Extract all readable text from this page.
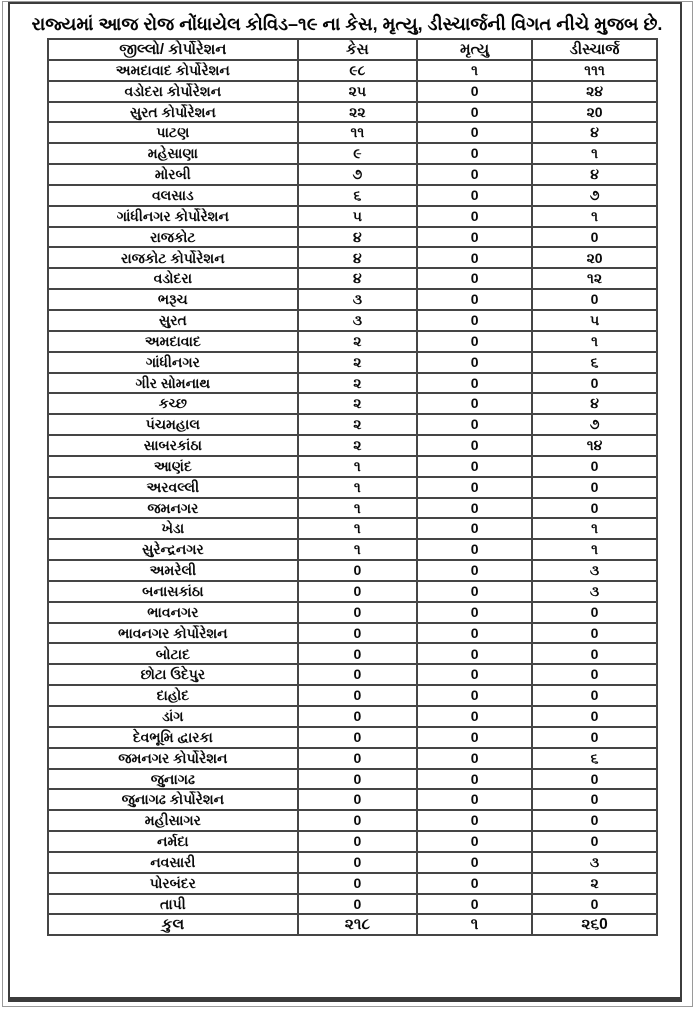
રાજ્યમાં આજ રોજ નોંધાયેલ કોવિડ–૧૯ ના કેસ, મૃત્યુ, ડીસ્ચાર્જની વિગત નીચે મુજબ છે.
જીલ્લો/ કોર્પોરેશન	કેસ	મૃત્યુ	ડીસ્ચાર્જ
અમદાવાદ કોર્પોરેશન	૯૮	૧	૧૧૧
વડોદરા કોર્પોરેશન	૨૫	0	૨૪
સુરત કોર્પોરેશન	૨૨	0	૨0
પાટણ	૧૧	0	૪
મહેસાણા	૯	0	૧
મોરબી	૭	0	૪
વલસાડ	૬	0	૭
ગાંધીનગર કોર્પોરેશન	૫	0	૧
રાજકોટ	૪	0	0
રાજકોટ કોર્પોરેશન	૪	0	૨0
વડોદરા	૪	0	૧૨
ભરૂચ	૩	0	0
સુરત	૩	0	૫
અમદાવાદ	૨	0	૧
ગાંધીનગર	૨	0	૬
ગીર સોમનાથ	૨	0	0
કચ્છ	૨	0	૪
પંચમહાલ	૨	0	૭
સાબરકાંઠા	૨	0	૧૪
આણંદ	૧	0	0
અરવલ્લી	૧	0	0
જમનગર	૧	0	0
ખેડા	૧	0	૧
સુરેન્દ્રનગર	૧	0	૧
અમરેલી	0	0	૩
બનાસકાંઠા	0	0	૩
ભાવનગર	0	0	0
ભાવનગર કોર્પોરેશન	0	0	0
બોટાદ	0	0	0
છોટા ઉદેપુર	0	0	0
દાહોદ	0	0	0
ડાંગ	0	0	0
દેવભૂમિ દ્વારકા	0	0	0
જમનગર કોર્પોરેશન	0	0	૬
જુનાગઢ	0	0	0
જુનાગઢ કોર્પોરેશન	0	0	0
મહીસાગર	0	0	0
નર્મદા	0	0	0
નવસારી	0	0	૩
પોરબંદર	0	0	૨
તાપી	0	0	0
કુલ	૨૧૮	૧	૨૬0
